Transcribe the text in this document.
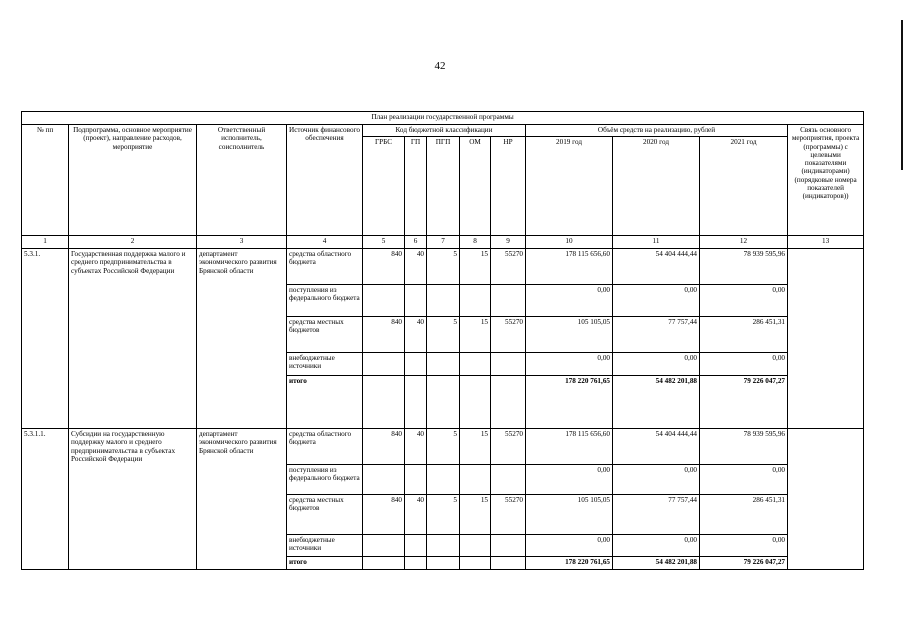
42
План реализации государственной программы												
№ пп	Подпрограмма, основное мероприятие (проект), направление расходов, мероприятие	Ответственный исполнитель, соисполнитель	Источник финансового обеспечения	Код бюджетной классификации					Объём средств на реализацию, рублей			Связь основного мероприятия, проекта (программы) с целевыми показателями (индикаторами) (порядковые номера показателей (индикаторов))
				ГРБС	ГП	ПГП	ОМ	НР	2019 год	2020 год	2021 год	
1	2	3	4	5	6	7	8	9	10	11	12	13
5.3.1.	Государственная поддержка малого и среднего предпринимательства в субъектах Российской Федерации	департамент экономического развития Брянской области	средства областного бюджета	840	40	5	15	55270	178 115 656,60	54 404 444,44	78 939 595,96	
			поступления из федерального бюджета						0,00	0,00	0,00	
			средства местных бюджетов	840	40	5	15	55270	105 105,05	77 757,44	286 451,31	
			внебюджетные источники						0,00	0,00	0,00	
			итого						178 220 761,65	54 482 201,88	79 226 047,27	
5.3.1.1.	Субсидии на государственную поддержку малого и среднего предпринимательства в субъектах Российской Федерации	департамент экономического развития Брянской области	средства областного бюджета	840	40	5	15	55270	178 115 656,60	54 404 444,44	78 939 595,96	
			поступления из федерального бюджета						0,00	0,00	0,00	
			средства местных бюджетов	840	40	5	15	55270	105 105,05	77 757,44	286 451,31	
			внебюджетные источники						0,00	0,00	0,00	
			итого						178 220 761,65	54 482 201,88	79 226 047,27	
